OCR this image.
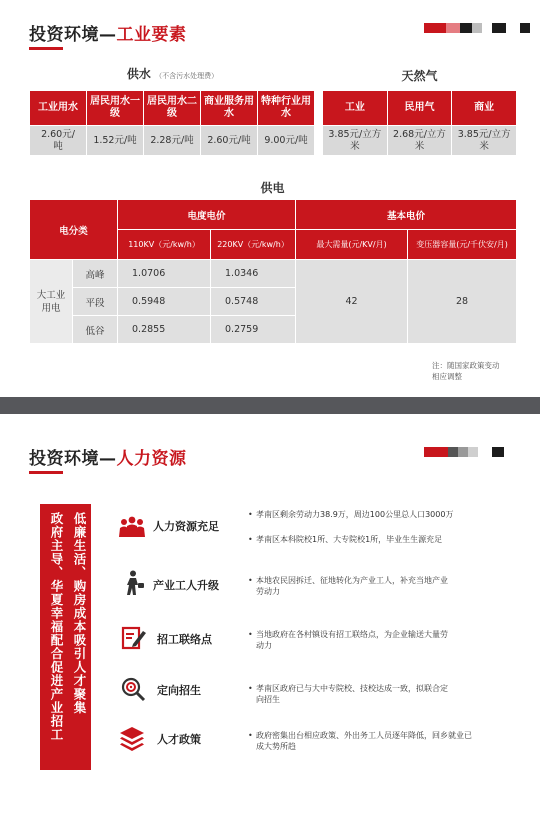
投资环境—工业要素
供水 （不含污水处理费）
工业用水	居民用水一级	居民用水二级	商业服务用水	特种行业用水
2.60元/吨	1.52元/吨	2.28元/吨	2.60元/吨	9.00元/吨
天然气
工业	民用气	商业
3.85元/立方米	2.68元/立方米	3.85元/立方米
供电
电分类		电度电价		基本电价	
		110KV（元/kw/h）	220KV（元/kw/h）	最大需量(元/KV/月)	变压器容量(元/千伏安/月)
大工业用电	高峰	1.0706	1.0346	42	28
	平段	0.5948	0.5748		
	低谷	0.2855	0.2759		
注：随国家政策变动
相应调整
投资环境—人力资源
低廉生活、购房成本吸引人才聚集
政府主导、华夏幸福配合促进产业招工	人力资源充足
• 孝南区剩余劳动力38.9万，周边100公里总人口3000万
• 孝南区本科院校1所、大专院校1所，毕业生生源充足
产业工人升级	• 本地农民因拆迁、征地转化为产业工人，补充当地产业劳动力
招工联络点	• 当地政府在各村镇设有招工联络点，为企业输送大量劳动力
定向招生	• 孝南区政府已与大中专院校、技校达成一致，拟联合定向招生
人才政策	• 政府密集出台相应政策、外出务工人员逐年降低，回乡就业已成大势所趋
